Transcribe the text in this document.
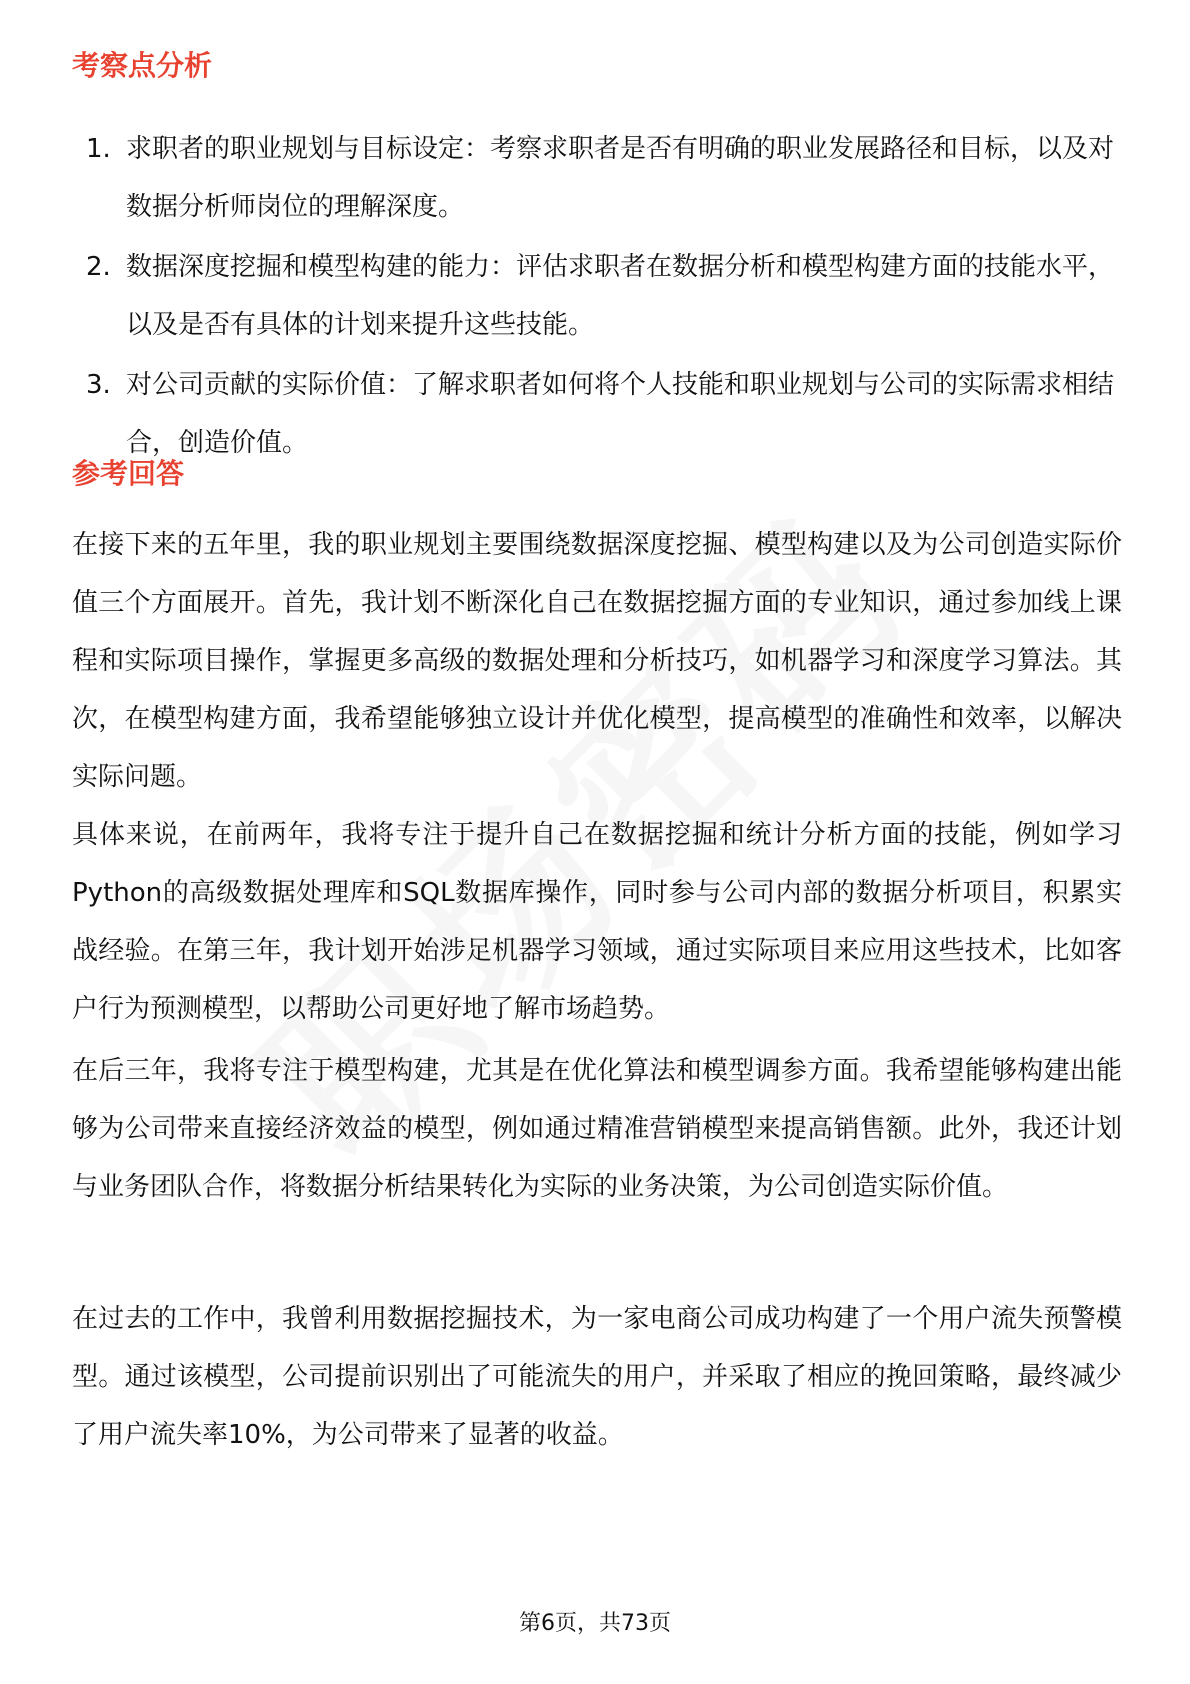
考察点分析
1. 求职者的职业规划与目标设定：考察求职者是否有明确的职业发展路径和目标，以及对数据分析师岗位的理解深度。
2. 数据深度挖掘和模型构建的能力：评估求职者在数据分析和模型构建方面的技能水平，以及是否有具体的计划来提升这些技能。
3. 对公司贡献的实际价值：了解求职者如何将个人技能和职业规划与公司的实际需求相结合，创造价值。
参考回答

在接下来的五年里，我的职业规划主要围绕数据深度挖掘、模型构建以及为公司创造实际价值三个方面展开。首先，我计划不断深化自己在数据挖掘方面的专业知识，通过参加线上课程和实际项目操作，掌握更多高级的数据处理和分析技巧，如机器学习和深度学习算法。其次，在模型构建方面，我希望能够独立设计并优化模型，提高模型的准确性和效率，以解决实际问题。

具体来说，在前两年，我将专注于提升自己在数据挖掘和统计分析方面的技能，例如学习Python的高级数据处理库和SQL数据库操作，同时参与公司内部的数据分析项目，积累实战经验。在第三年，我计划开始涉足机器学习领域，通过实际项目来应用这些技术，比如客户行为预测模型，以帮助公司更好地了解市场趋势。

在后三年，我将专注于模型构建，尤其是在优化算法和模型调参方面。我希望能够构建出能够为公司带来直接经济效益的模型，例如通过精准营销模型来提高销售额。此外，我还计划与业务团队合作，将数据分析结果转化为实际的业务决策，为公司创造实际价值。

在过去的工作中，我曾利用数据挖掘技术，为一家电商公司成功构建了一个用户流失预警模型。通过该模型，公司提前识别出了可能流失的用户，并采取了相应的挽回策略，最终减少了用户流失率10%，为公司带来了显著的收益。

第6页，共73页
